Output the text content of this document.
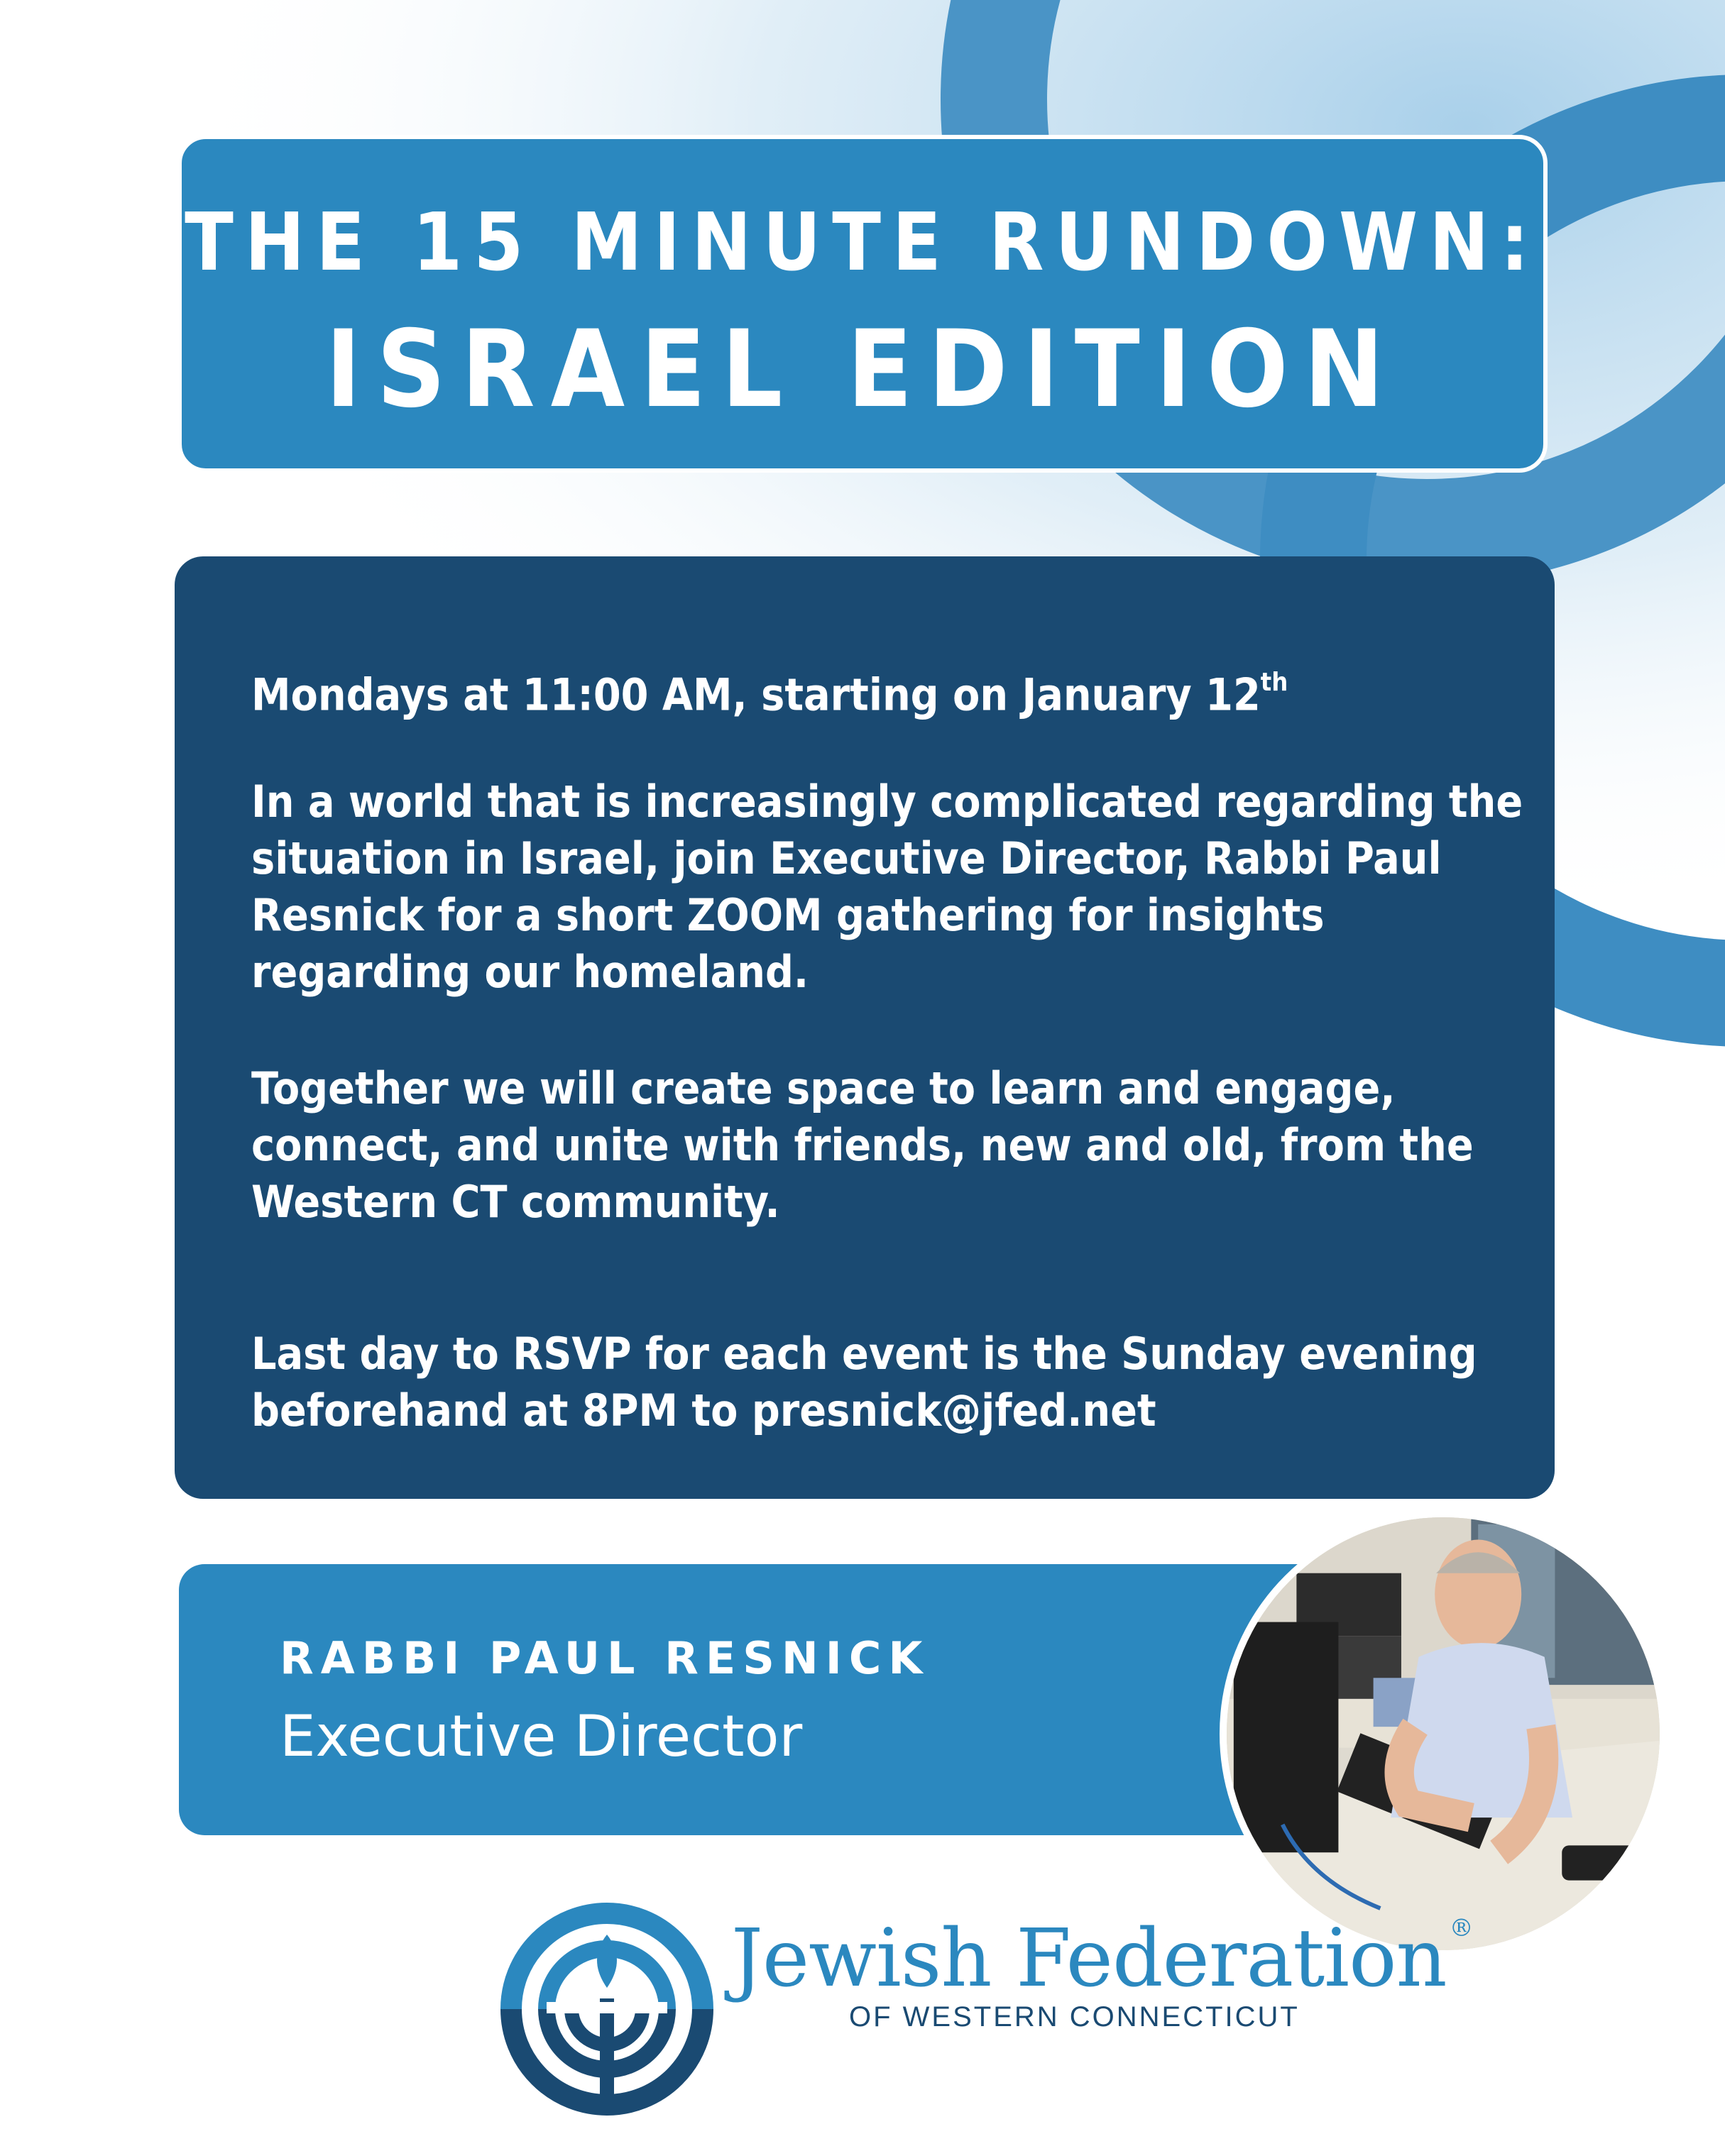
THE 15 MINUTE RUNDOWN:
ISRAEL EDITION

Mondays at 11:00 AM, starting on January 12th

In a world that is increasingly complicated regarding the situation in Israel, join Executive Director, Rabbi Paul Resnick for a short ZOOM gathering for insights regarding our homeland.

Together we will create space to learn and engage, connect, and unite with friends, new and old, from the Western CT community.

Last day to RSVP for each event is the Sunday evening beforehand at 8PM to presnick@jfed.net

RABBI PAUL RESNICK
Executive Director
Jewish Federation ®
OF WESTERN CONNECTICUT
